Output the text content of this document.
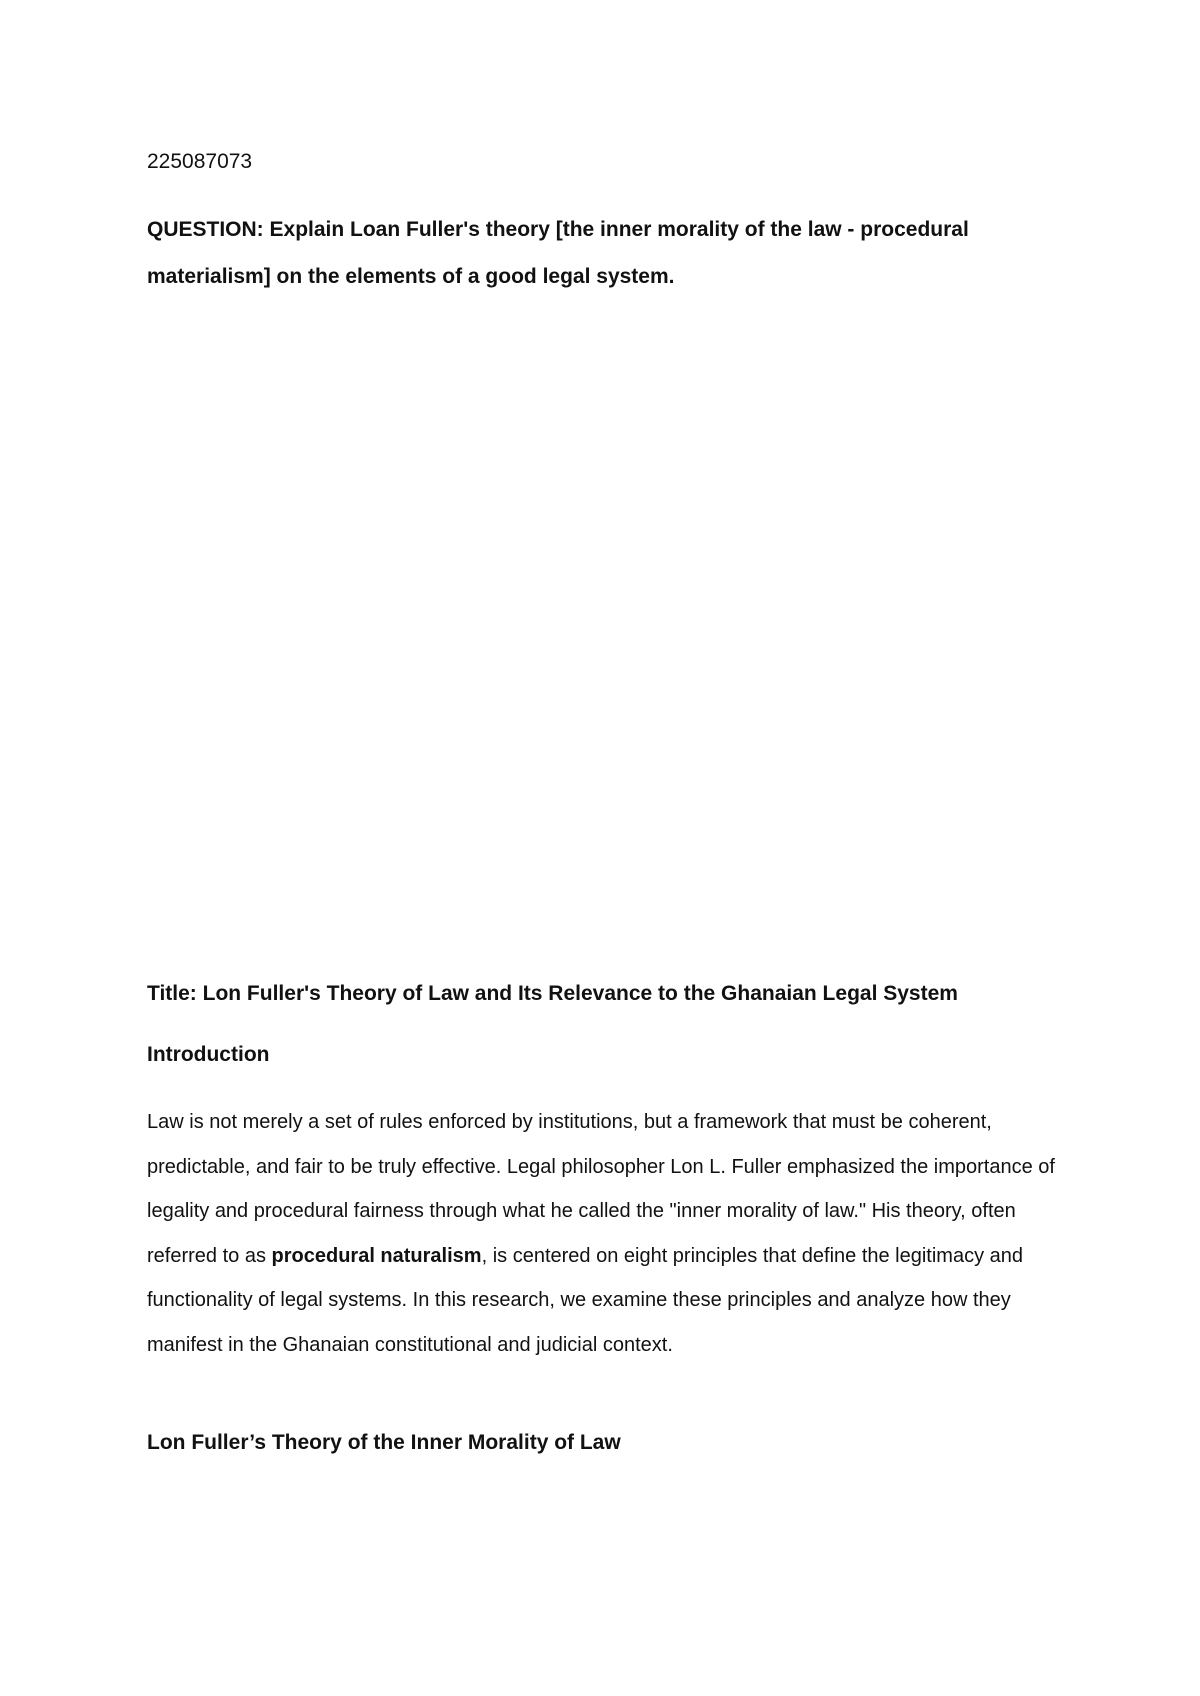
225087073

QUESTION: Explain Loan Fuller's theory [the inner morality of the law - procedural materialism] on the elements of a good legal system.

Title: Lon Fuller's Theory of Law and Its Relevance to the Ghanaian Legal System

Introduction

Law is not merely a set of rules enforced by institutions, but a framework that must be coherent, predictable, and fair to be truly effective. Legal philosopher Lon L. Fuller emphasized the importance of legality and procedural fairness through what he called the "inner morality of law." His theory, often referred to as procedural naturalism, is centered on eight principles that define the legitimacy and functionality of legal systems. In this research, we examine these principles and analyze how they manifest in the Ghanaian constitutional and judicial context.

Lon Fuller’s Theory of the Inner Morality of Law
